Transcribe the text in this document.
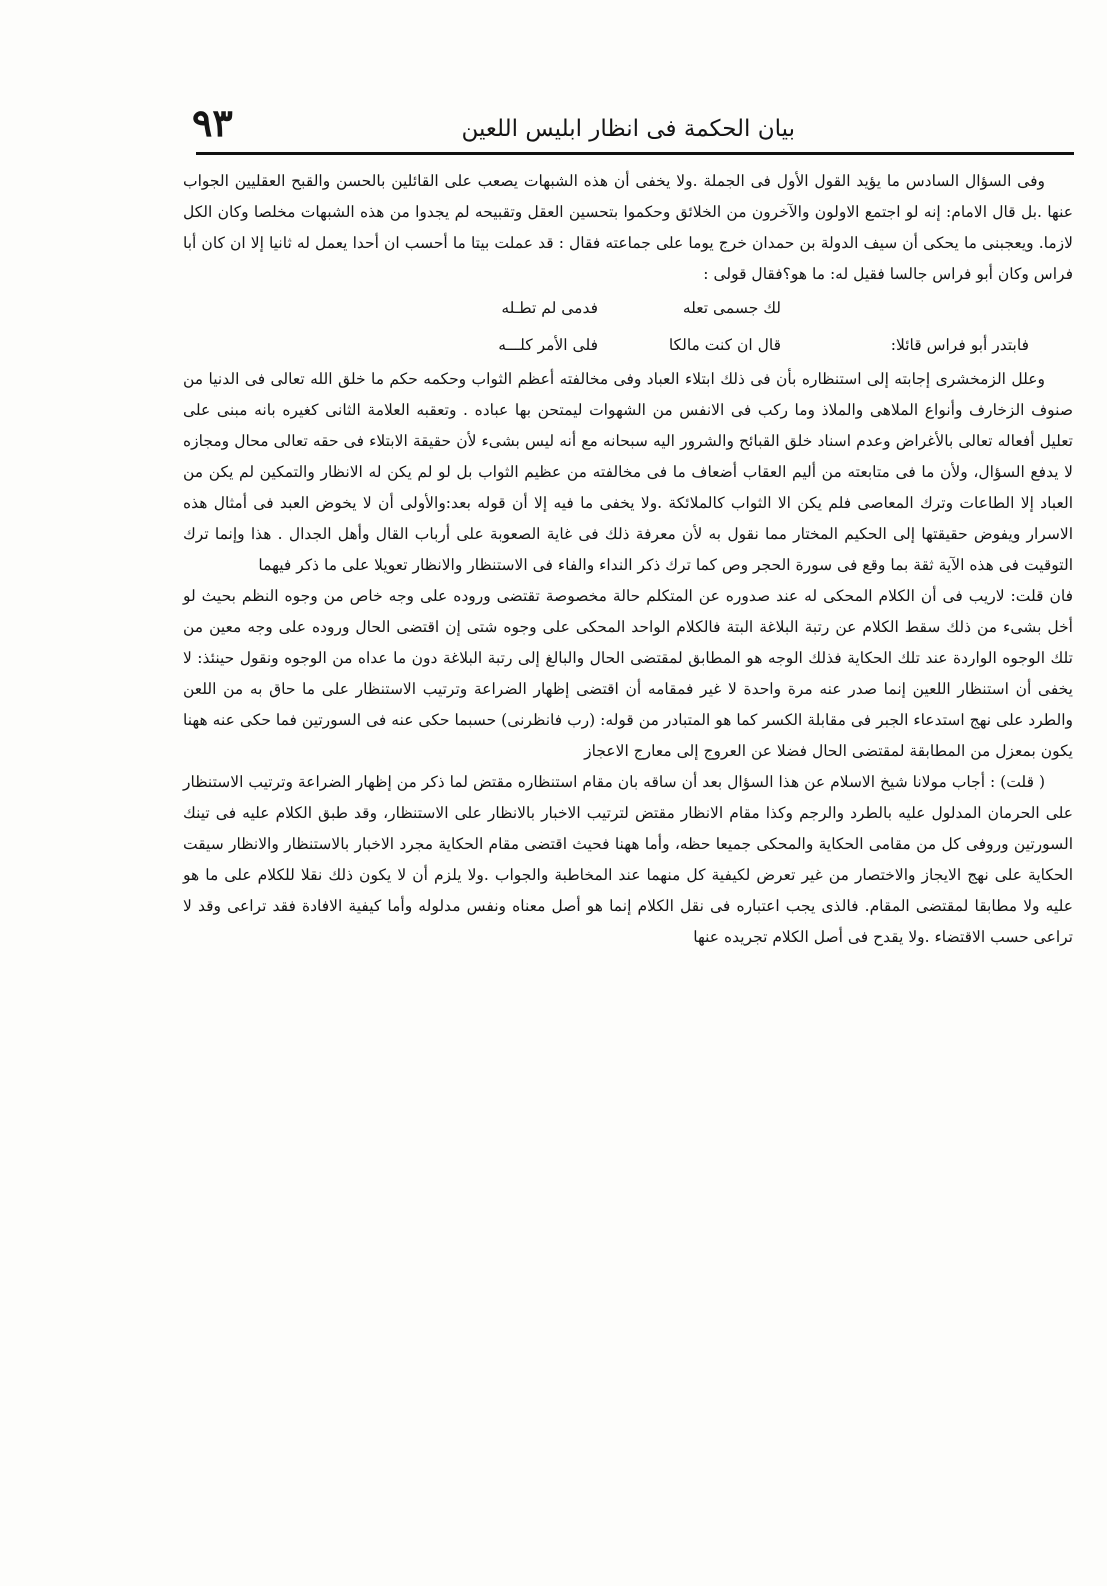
بيان الحكمة فى انظار ابليس اللعين
٩٣

وفى السؤال السادس ما يؤيد القول الأول فى الجملة .ولا يخفى أن هذه الشبهات يصعب على القائلين بالحسن والقبح العقليين الجواب عنها .بل قال الامام: إنه لو اجتمع الاولون والآخرون من الخلائق وحكموا بتحسين العقل وتقبيحه لم يجدوا من هذه الشبهات مخلصا وكان الكل لازما. ويعجبنى ما يحكى أن سيف الدولة بن حمدان خرج يوما على جماعته فقال : قد عملت بيتا ما أحسب ان أحدا يعمل له ثانيا إلا ان كان أبا فراس وكان أبو فراس جالسا فقيل له: ما هو؟فقال قولى :

لك جسمى تعله
فدمى لم تطـله
فابتدر أبو فراس قائلا:
قال ان كنت مالكا
فلى الأمر كلـــه

وعلل الزمخشرى إجابته إلى استنظاره بأن فى ذلك ابتلاء العباد وفى مخالفته أعظم الثواب وحكمه حكم ما خلق الله تعالى فى الدنيا من صنوف الزخارف وأنواع الملاهى والملاذ وما ركب فى الانفس من الشهوات ليمتحن بها عباده . وتعقبه العلامة الثانى كغيره بانه مبنى على تعليل أفعاله تعالى بالأغراض وعدم اسناد خلق القبائح والشرور اليه سبحانه مع أنه ليس بشىء لأن حقيقة الابتلاء فى حقه تعالى محال ومجازه لا يدفع السؤال، ولأن ما فى متابعته من أليم العقاب أضعاف ما فى مخالفته من عظيم الثواب بل لو لم يكن له الانظار والتمكين لم يكن من العباد إلا الطاعات وترك المعاصى فلم يكن الا الثواب كالملائكة .ولا يخفى ما فيه إلا أن قوله بعد:والأولى أن لا يخوض العبد فى أمثال هذه الاسرار ويفوض حقيقتها إلى الحكيم المختار مما نقول به لأن معرفة ذلك فى غاية الصعوبة على أرباب القال وأهل الجدال . هذا وإنما ترك التوقيت فى هذه الآية ثقة بما وقع فى سورة الحجر وص كما ترك ذكر النداء والفاء فى الاستنظار والانظار تعويلا على ما ذكر فيهما

فان قلت: لاريب فى أن الكلام المحكى له عند صدوره عن المتكلم حالة مخصوصة تقتضى وروده على وجه خاص من وجوه النظم بحيث لو أخل بشىء من ذلك سقط الكلام عن رتبة البلاغة البتة فالكلام الواحد المحكى على وجوه شتى إن اقتضى الحال وروده على وجه معين من تلك الوجوه الواردة عند تلك الحكاية فذلك الوجه هو المطابق لمقتضى الحال والبالغ إلى رتبة البلاغة دون ما عداه من الوجوه ونقول حينئذ: لا يخفى أن استنظار اللعين إنما صدر عنه مرة واحدة لا غير فمقامه أن اقتضى إظهار الضراعة وترتيب الاستنظار على ما حاق به من اللعن والطرد على نهج استدعاء الجبر فى مقابلة الكسر كما هو المتبادر من قوله: (رب فانظرنى) حسبما حكى عنه فى السورتين فما حكى عنه ههنا يكون بمعزل من المطابقة لمقتضى الحال فضلا عن العروج إلى معارج الاعجاز

( قلت) : أجاب مولانا شيخ الاسلام عن هذا السؤال بعد أن ساقه بان مقام استنظاره مقتض لما ذكر من إظهار الضراعة وترتيب الاستنظار على الحرمان المدلول عليه بالطرد والرجم وكذا مقام الانظار مقتض لترتيب الاخبار بالانظار على الاستنظار، وقد طبق الكلام عليه فى تينك السورتين وروفى كل من مقامى الحكاية والمحكى جميعا حظه، وأما ههنا فحيث اقتضى مقام الحكاية مجرد الاخبار بالاستنظار والانظار سيقت الحكاية على نهج الايجاز والاختصار من غير تعرض لكيفية كل منهما عند المخاطبة والجواب .ولا يلزم أن لا يكون ذلك نقلا للكلام على ما هو عليه ولا مطابقا لمقتضى المقام. فالذى يجب اعتباره فى نقل الكلام إنما هو أصل معناه ونفس مدلوله وأما كيفية الافادة فقد تراعى وقد لا تراعى حسب الاقتضاء .ولا يقدح فى أصل الكلام تجريده عنها
